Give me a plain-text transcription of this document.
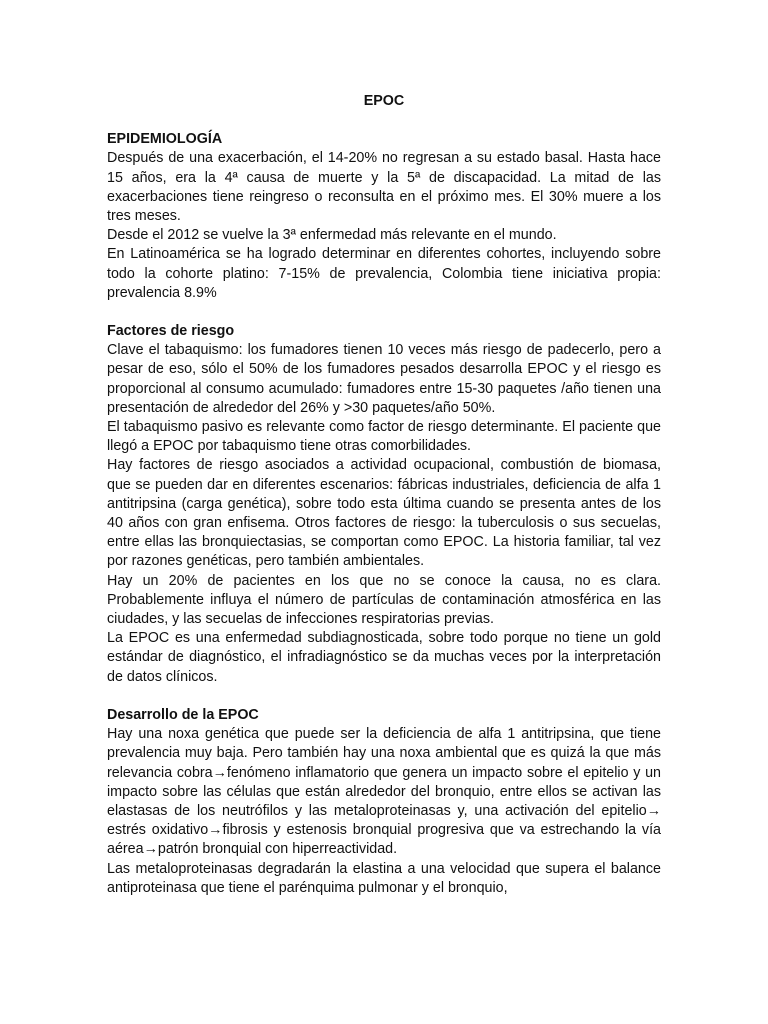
EPOC

EPIDEMIOLOGÍA

Después de una exacerbación, el 14-20% no regresan a su estado basal. Hasta hace 15 años, era la 4ª causa de muerte y la 5ª de discapacidad. La mitad de las exacerbaciones tiene reingreso o reconsulta en el próximo mes. El 30% muere a los tres meses.

Desde el 2012 se vuelve la 3ª enfermedad más relevante en el mundo.

En Latinoamérica se ha logrado determinar en diferentes cohortes, incluyendo sobre todo la cohorte platino: 7-15% de prevalencia, Colombia tiene iniciativa propia: prevalencia 8.9%

Factores de riesgo

Clave el tabaquismo: los fumadores tienen 10 veces más riesgo de padecerlo, pero a pesar de eso, sólo el 50% de los fumadores pesados desarrolla EPOC y el riesgo es proporcional al consumo acumulado: fumadores entre 15-30 paquetes /año tienen una presentación de alrededor del 26% y >30 paquetes/año 50%.

El tabaquismo pasivo es relevante como factor de riesgo determinante. El paciente que llegó a EPOC por tabaquismo tiene otras comorbilidades.

Hay factores de riesgo asociados a actividad ocupacional, combustión de biomasa, que se pueden dar en diferentes escenarios: fábricas industriales, deficiencia de alfa 1 antitripsina (carga genética), sobre todo esta última cuando se presenta antes de los 40 años con gran enfisema. Otros factores de riesgo: la tuberculosis o sus secuelas, entre ellas las bronquiectasias, se comportan como EPOC. La historia familiar, tal vez por razones genéticas, pero también ambientales.

Hay un 20% de pacientes en los que no se conoce la causa, no es clara. Probablemente influya el número de partículas de contaminación atmosférica en las ciudades, y las secuelas de infecciones respiratorias previas.

La EPOC es una enfermedad subdiagnosticada, sobre todo porque no tiene un gold estándar de diagnóstico, el infradiagnóstico se da muchas veces por la interpretación de datos clínicos.

Desarrollo de la EPOC

Hay una noxa genética que puede ser la deficiencia de alfa 1 antitripsina, que tiene prevalencia muy baja. Pero también hay una noxa ambiental que es quizá la que más relevancia cobra→fenómeno inflamatorio que genera un impacto sobre el epitelio y un impacto sobre las células que están alrededor del bronquio, entre ellos se activan las elastasas de los neutrófilos y las metaloproteinasas y, una activación del epitelio→ estrés oxidativo→fibrosis y estenosis bronquial progresiva que va estrechando la vía aérea→patrón bronquial con hiperreactividad.

Las metaloproteinasas degradarán la elastina a una velocidad que supera el balance antiproteinasa que tiene el parénquima pulmonar y el bronquio,
